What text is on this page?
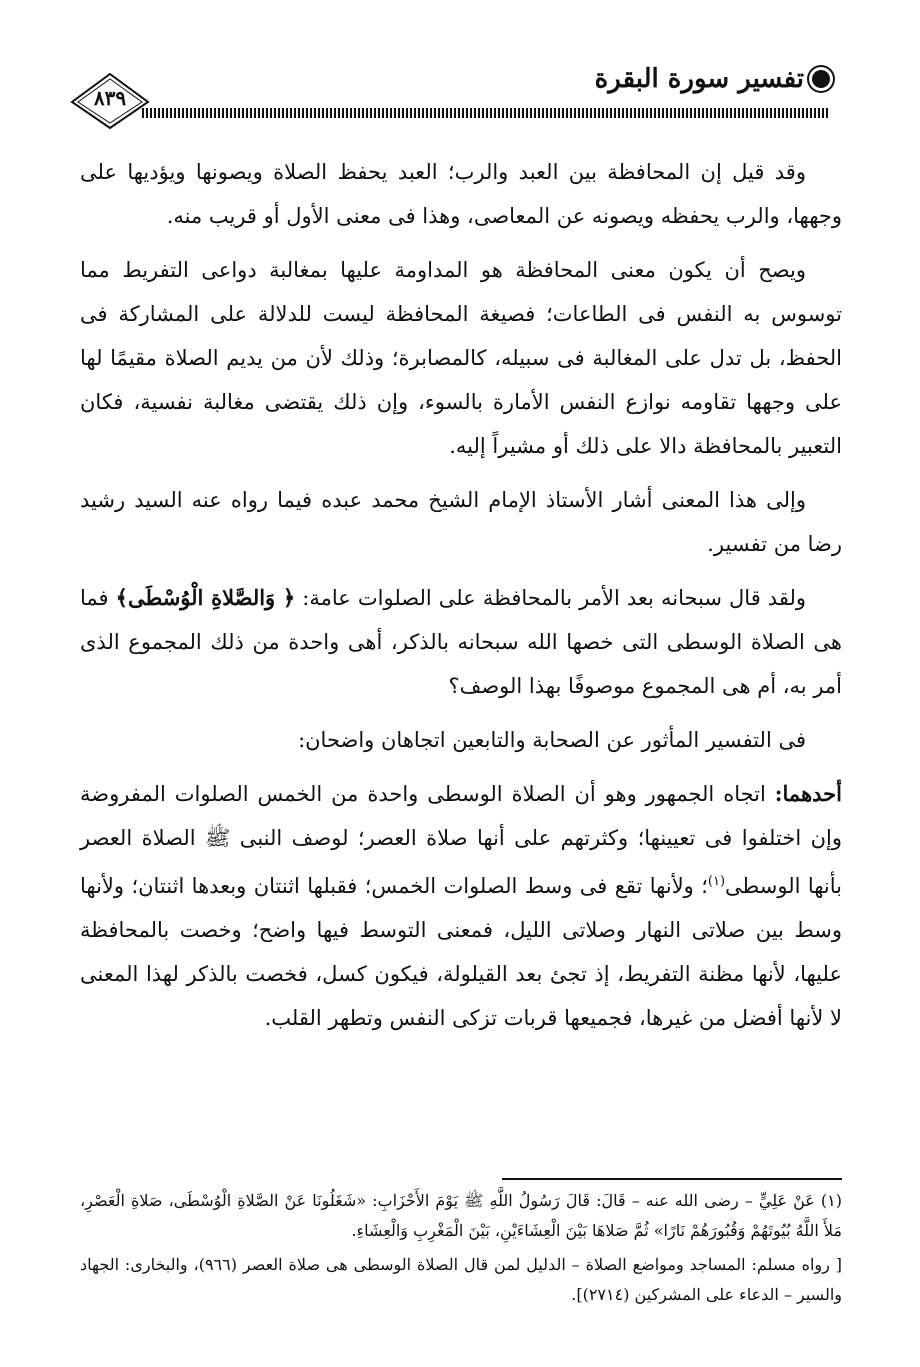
تفسير سورة البقرة
٨٣٩

وقد قيل إن المحافظة بين العبد والرب؛ العبد يحفظ الصلاة ويصونها ويؤديها على وجهها، والرب يحفظه ويصونه عن المعاصى، وهذا فى معنى الأول أو قريب منه.

ويصح أن يكون معنى المحافظة هو المداومة عليها بمغالبة دواعى التفريط مما توسوس به النفس فى الطاعات؛ فصيغة المحافظة ليست للدلالة على المشاركة فى الحفظ، بل تدل على المغالبة فى سبيله، كالمصابرة؛ وذلك لأن من يديم الصلاة مقيمًا لها على وجهها تقاومه نوازع النفس الأمارة بالسوء، وإن ذلك يقتضى مغالبة نفسية، فكان التعبير بالمحافظة دالا على ذلك أو مشيراً إليه.

وإلى هذا المعنى أشار الأستاذ الإمام الشيخ محمد عبده فيما رواه عنه السيد رشيد رضا من تفسير.

ولقد قال سبحانه بعد الأمر بالمحافظة على الصلوات عامة: ﴿ وَالصَّلاةِ الْوُسْطَى﴾ فما هى الصلاة الوسطى التى خصها الله سبحانه بالذكر، أهى واحدة من ذلك المجموع الذى أمر به، أم هى المجموع موصوفًا بهذا الوصف؟

فى التفسير المأثور عن الصحابة والتابعين اتجاهان واضحان:

أحدهما: اتجاه الجمهور وهو أن الصلاة الوسطى واحدة من الخمس الصلوات المفروضة وإن اختلفوا فى تعيينها؛ وكثرتهم على أنها صلاة العصر؛ لوصف النبى ﷺ الصلاة العصر بأنها الوسطى$^{(١)}$؛ ولأنها تقع فى وسط الصلوات الخمس؛ فقبلها اثنتان وبعدها اثنتان؛ ولأنها وسط بين صلاتى النهار وصلاتى الليل، فمعنى التوسط فيها واضح؛ وخصت بالمحافظة عليها، لأنها مظنة التفريط، إذ تجئ بعد القيلولة، فيكون كسل، فخصت بالذكر لهذا المعنى لا لأنها أفضل من غيرها، فجميعها قربات تزكى النفس وتطهر القلب.

(١) عَنْ عَلِيٍّ – رضى الله عنه – قَالَ: قَالَ رَسُولُ اللَّهِ ﷺ يَوْمَ الأَحْزَابِ: «شَغَلُونَا عَنْ الصَّلاةِ الْوُسْطَى، صَلاةِ الْعَصْرِ، مَلأَ اللَّهُ بُيُوتَهُمْ وَقُبُورَهُمْ نَارًا» ثُمَّ صَلاهَا بَيْنَ الْعِشَاءَيْنِ، بَيْنَ الْمَغْرِبِ وَالْعِشَاءِ.

[ رواه مسلم: المساجد ومواضع الصلاة – الدليل لمن قال الصلاة الوسطى هى صلاة العصر (٩٦٦)، والبخارى: الجهاد والسير – الدعاء على المشركين (٢٧١٤)].
